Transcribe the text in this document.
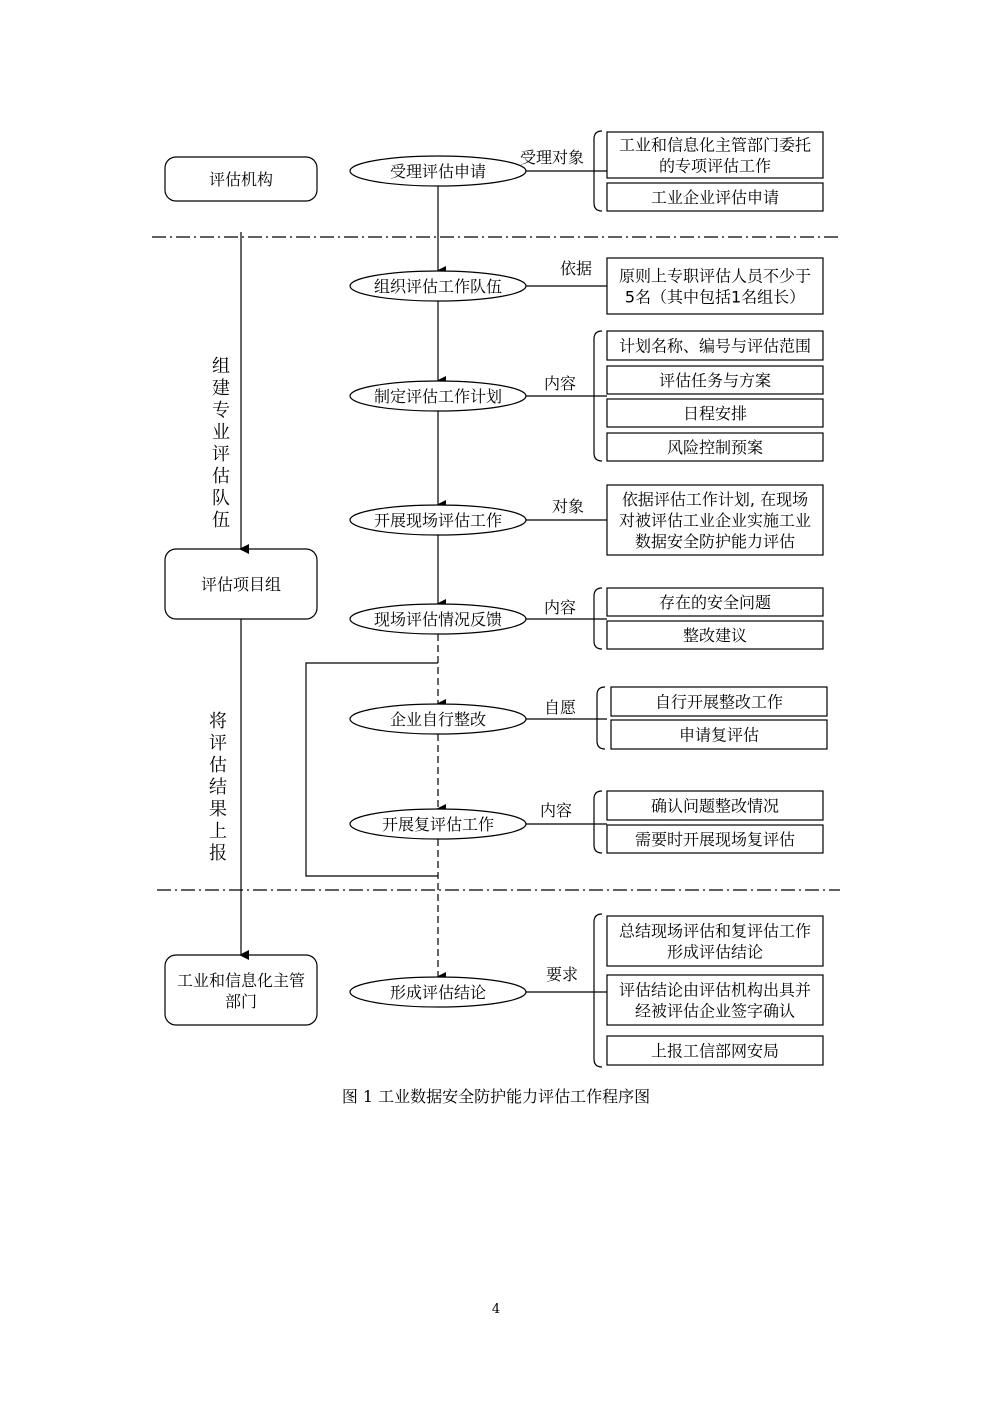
评估机构
评估项目组
工业和信息化主管
部门
组
建
专
业
评
估
队
伍
将
评
估
结
果
上
报
受理评估申请
受理对象
工业和信息化主管部门委托
的专项评估工作
工业企业评估申请
组织评估工作队伍
依据 原则上专职评估人员不少于
5名（其中包括1名组长）
制定评估工作计划
内容
计划名称、编号与评估范围
评估任务与方案
日程安排
风险控制预案
开展现场评估工作
对象 依据评估工作计划, 在现场
对被评估工业企业实施工业
数据安全防护能力评估
现场评估情况反馈
内容	存在的安全问题
整改建议
企业自行整改
自愿	自行开展整改工作
申请复评估
开展复评估工作
内容	确认问题整改情况
需要时开展现场复评估
形成评估结论
要求
总结现场评估和复评估工作
形成评估结论
评估结论由评估机构出具并
经被评估企业签字确认
上报工信部网安局
图 1 工业数据安全防护能力评估工作程序图
4
